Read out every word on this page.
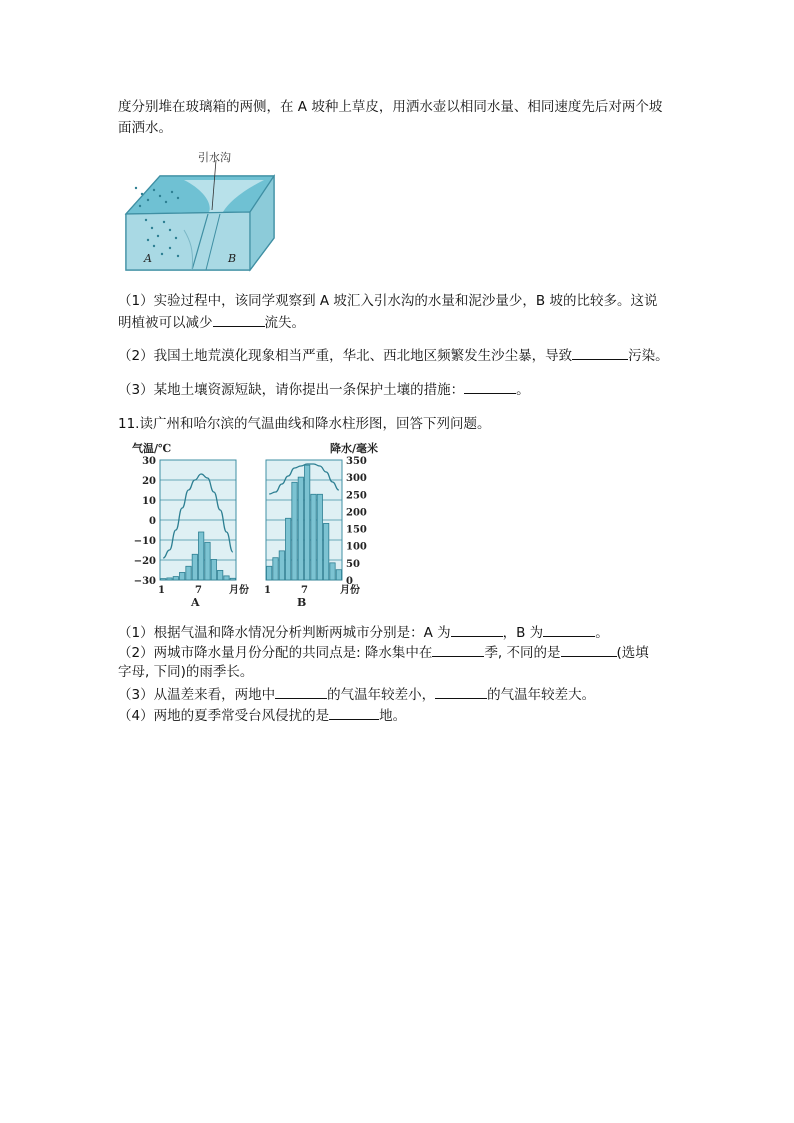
度分别堆在玻璃箱的两侧，在 A 坡种上草皮，用洒水壶以相同水量、相同速度先后对两个坡
面洒水。
引水沟
A	B
（1）实验过程中，该同学观察到 A 坡汇入引水沟的水量和泥沙量少，B 坡的比较多。这说
明植被可以减少	流失。
（2）我国土地荒漠化现象相当严重，华北、西北地区频繁发生沙尘暴，导致	污染。
（3）某地土壤资源短缺，请你提出一条保护土壤的措施：	。
11.读广州和哈尔滨的气温曲线和降水柱形图，回答下列问题。
气温/℃
30
20
10
0
−10
−20
−30
1	7	月份
A
降水/毫米
350
300
250
200
150
100
50
0
1	7	月份
B
（1）根据气温和降水情况分析判断两城市分别是：A 为	，B 为	。
（2）两城市降水量月份分配的共同点是: 降水集中在	季, 不同的是	(选填
字母, 下同)的雨季长。
（3）从温差来看，两地中	的气温年较差小，	的气温年较差大。
（4）两地的夏季常受台风侵扰的是	地。
